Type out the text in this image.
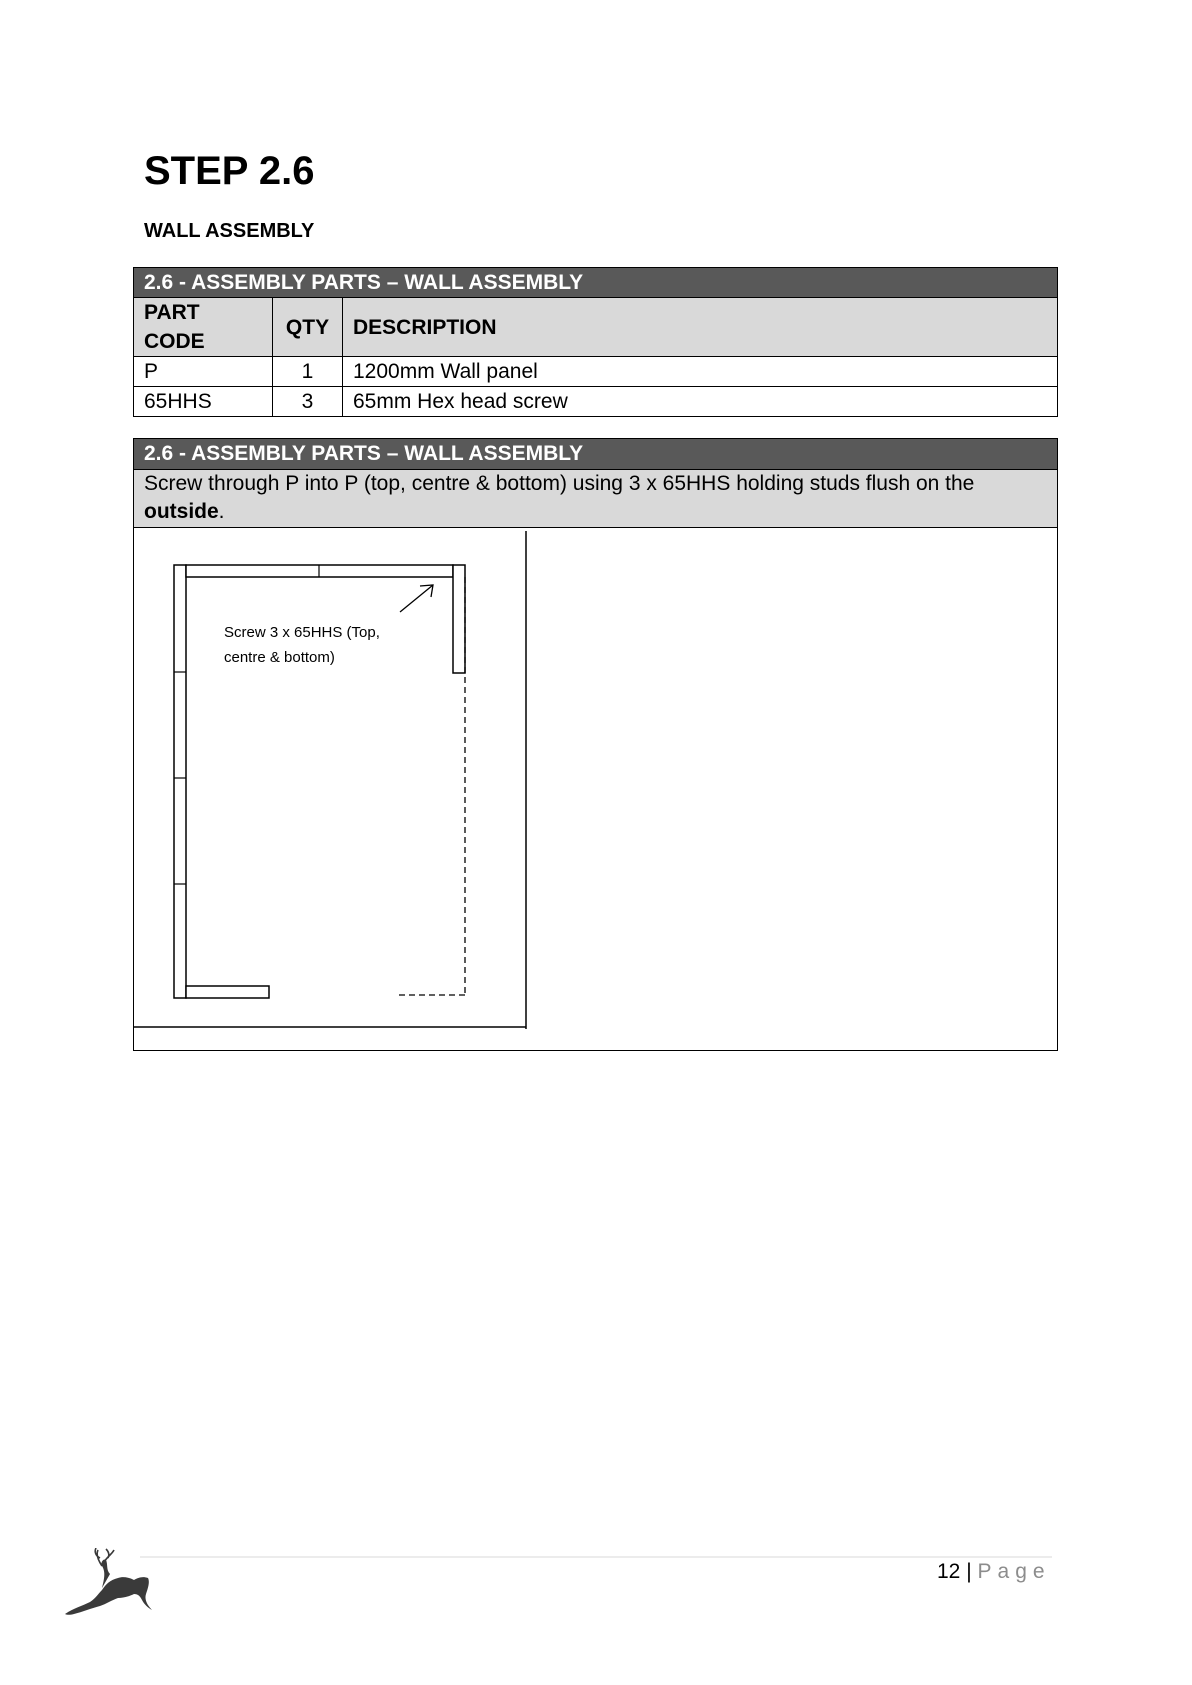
STEP 2.6
WALL ASSEMBLY
2.6 - ASSEMBLY PARTS – WALL ASSEMBLY		
PART CODE	QTY	DESCRIPTION
P	1	1200mm Wall panel
65HHS	3	65mm Hex head screw
2.6 - ASSEMBLY PARTS – WALL ASSEMBLY
Screw through P into P (top, centre & bottom) using 3 x 65HHS holding studs flush on the outside.
Screw 3 x 65HHS (Top,
centre & bottom)
12 | Page
